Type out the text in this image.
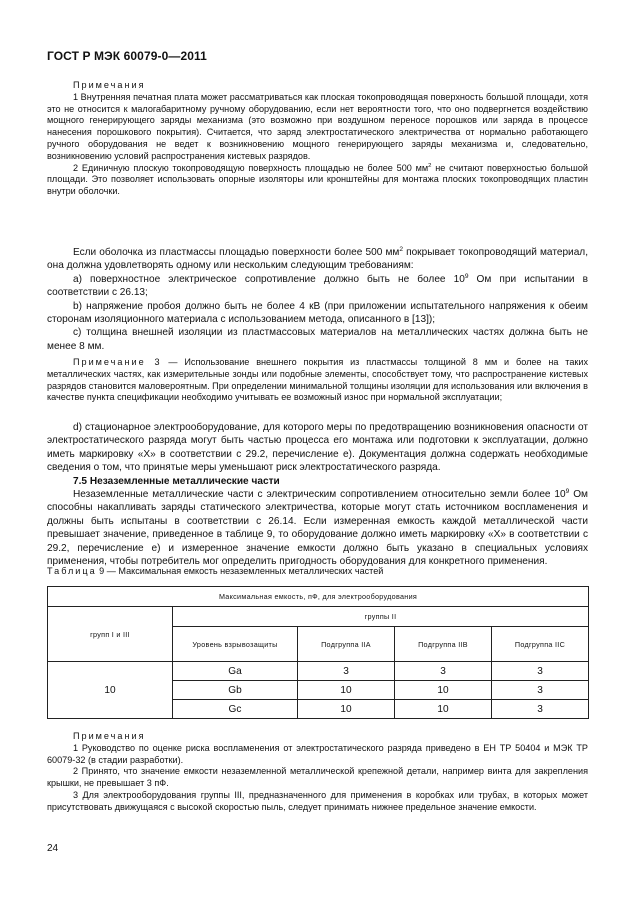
ГОСТ Р МЭК 60079-0—2011

Примечания

1 Внутренняя печатная плата может рассматриваться как плоская токопроводящая поверхность большой площади, хотя это не относится к малогабаритному ручному оборудованию, если нет вероятности того, что оно подвергнется воздействию мощного генерирующего заряды механизма (это возможно при воздушном переносе порошков или заряда в процессе нанесения порошкового покрытия). Считается, что заряд электростатического электричества от нормально работающего ручного оборудования не ведет к возникновению мощного генерирующего заряды механизма и, следовательно, возникновению условий распространения кистевых разрядов.

2 Единичную плоскую токопроводящую поверхность площадью не более 500 $мм^2$ не считают поверхностью большой площади. Это позволяет использовать опорные изоляторы или кронштейны для монтажа плоских токопроводящих пластин внутри оболочки.

Если оболочка из пластмассы площадью поверхности более 500 $мм^2$ покрывает токопроводящий материал, она должна удовлетворять одному или нескольким следующим требованиям:

a) поверхностное электрическое сопротивление должно быть не более $10^9$ Ом при испытании в соответствии с 26.13;

b) напряжение пробоя должно быть не более 4 кВ (при приложении испытательного напряжения к обеим сторонам изоляционного материала с использованием метода, описанного в [13]);

c) толщина внешней изоляции из пластмассовых материалов на металлических частях должна быть не менее 8 мм.

Примечание 3 — Использование внешнего покрытия из пластмассы толщиной 8 мм и более на таких металлических частях, как измерительные зонды или подобные элементы, способствует тому, что распространение кистевых разрядов становится маловероятным. При определении минимальной толщины изоляции для использования или включения в качестве пункта спецификации необходимо учитывать ее возможный износ при нормальной эксплуатации;

d) стационарное электрооборудование, для которого меры по предотвращению возникновения опасности от электростатического разряда могут быть частью процесса его монтажа или подготовки к эксплуатации, должно иметь маркировку «X» в соответствии с 29.2, перечисление е). Документация должна содержать необходимые сведения о том, что принятые меры уменьшают риск электростатического разряда.

7.5 Незаземленные металлические части

Незаземленные металлические части с электрическим сопротивлением относительно земли более $10^9$ Ом способны накапливать заряды статического электричества, которые могут стать источником воспламенения и должны быть испытаны в соответствии с 26.14. Если измеренная емкость каждой металлической части превышает значение, приведенное в таблице 9, то оборудование должно иметь маркировку «X» в соответствии с 29.2, перечисление е) и измеренное значение емкости должно быть указано в специальных условиях применения, чтобы потребитель мог определить пригодность оборудования для конкретного применения.

Таблица 9 — Максимальная емкость незаземленных металлических частей
Максимальная емкость, пФ, для электрооборудования				
групп I и III	группы II			
	Уровень взрывозащиты	Подгруппа IIA	Подгруппа IIB	Подгруппа IIC
10	Ga	3	3	3
	Gb	10	10	3
	Gc	10	10	3

Примечания

1 Руководство по оценке риска воспламенения от электростатического разряда приведено в ЕН ТР 50404 и МЭК ТР 60079-32 (в стадии разработки).

2 Принято, что значение емкости незаземленной металлической крепежной детали, например винта для закрепления крышки, не превышает 3 пФ.

3 Для электрооборудования группы III, предназначенного для применения в коробках или трубах, в которых может присутствовать движущаяся с высокой скоростью пыль, следует принимать нижнее предельное значение емкости.

24
